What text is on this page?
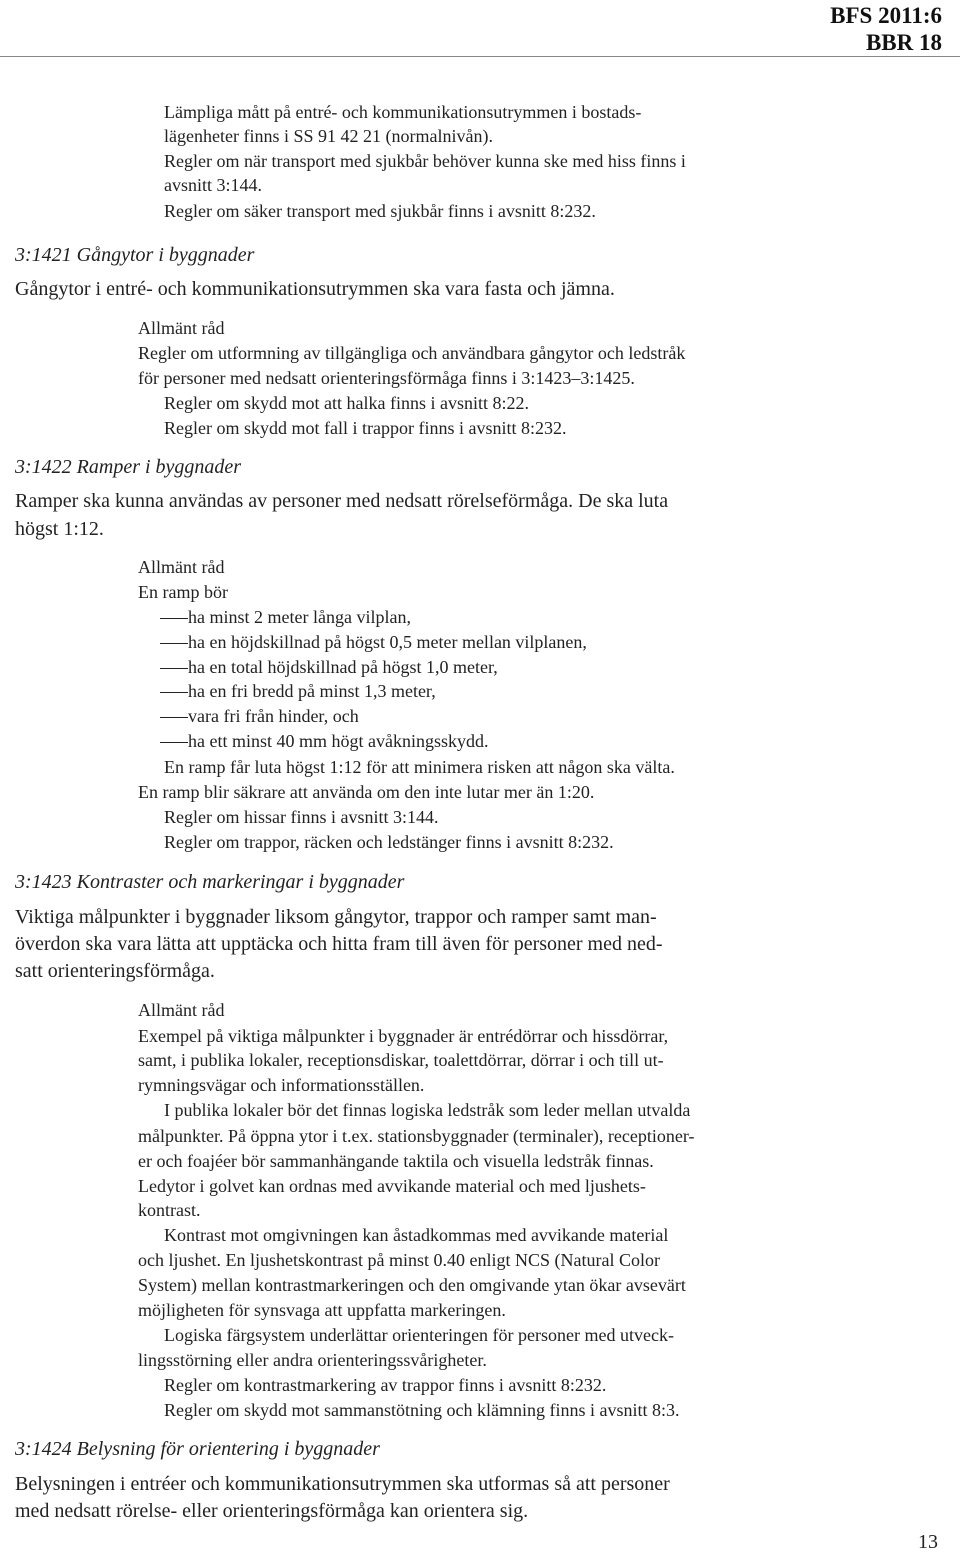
BFS 2011:6
BBR 18
Lämpliga mått på entré- och kommunikationsutrymmen i bostads-
lägenheter finns i SS 91 42 21 (normalnivån).
Regler om när transport med sjukbår behöver kunna ske med hiss finns i
avsnitt 3:144.
Regler om säker transport med sjukbår finns i avsnitt 8:232.
3:1421 Gångytor i byggnader
Gångytor i entré- och kommunikationsutrymmen ska vara fasta och jämna.
Allmänt råd
Regler om utformning av tillgängliga och användbara gångytor och ledstråk
för personer med nedsatt orienteringsförmåga finns i 3:1423–3:1425.
Regler om skydd mot att halka finns i avsnitt 8:22.
Regler om skydd mot fall i trappor finns i avsnitt 8:232.
3:1422 Ramper i byggnader
Ramper ska kunna användas av personer med nedsatt rörelseförmåga. De ska luta
högst 1:12.
Allmänt råd
En ramp bör
ha minst 2 meter långa vilplan,
ha en höjdskillnad på högst 0,5 meter mellan vilplanen,
ha en total höjdskillnad på högst 1,0 meter,
ha en fri bredd på minst 1,3 meter,
vara fri från hinder, och
ha ett minst 40 mm högt avåkningsskydd.
En ramp får luta högst 1:12 för att minimera risken att någon ska välta.
En ramp blir säkrare att använda om den inte lutar mer än 1:20.
Regler om hissar finns i avsnitt 3:144.
Regler om trappor, räcken och ledstänger finns i avsnitt 8:232.
3:1423 Kontraster och markeringar i byggnader
Viktiga målpunkter i byggnader liksom gångytor, trappor och ramper samt man-
överdon ska vara lätta att upptäcka och hitta fram till även för personer med ned-
satt orienteringsförmåga.
Allmänt råd
Exempel på viktiga målpunkter i byggnader är entrédörrar och hissdörrar,
samt, i publika lokaler, receptionsdiskar, toalettdörrar, dörrar i och till ut-
rymningsvägar och informationsställen.
I publika lokaler bör det finnas logiska ledstråk som leder mellan utvalda
målpunkter. På öppna ytor i t.ex. stationsbyggnader (terminaler), receptioner-
er och foajéer bör sammanhängande taktila och visuella ledstråk finnas.
Ledytor i golvet kan ordnas med avvikande material och med ljushets-
kontrast.
Kontrast mot omgivningen kan åstadkommas med avvikande material
och ljushet. En ljushetskontrast på minst 0.40 enligt NCS (Natural Color
System) mellan kontrastmarkeringen och den omgivande ytan ökar avsevärt
möjligheten för synsvaga att uppfatta markeringen.
Logiska färgsystem underlättar orienteringen för personer med utveck-
lingsstörning eller andra orienteringssvårigheter.
Regler om kontrastmarkering av trappor finns i avsnitt 8:232.
Regler om skydd mot sammanstötning och klämning finns i avsnitt 8:3.
3:1424 Belysning för orientering i byggnader
Belysningen i entréer och kommunikationsutrymmen ska utformas så att personer
med nedsatt rörelse- eller orienteringsförmåga kan orientera sig.
13
